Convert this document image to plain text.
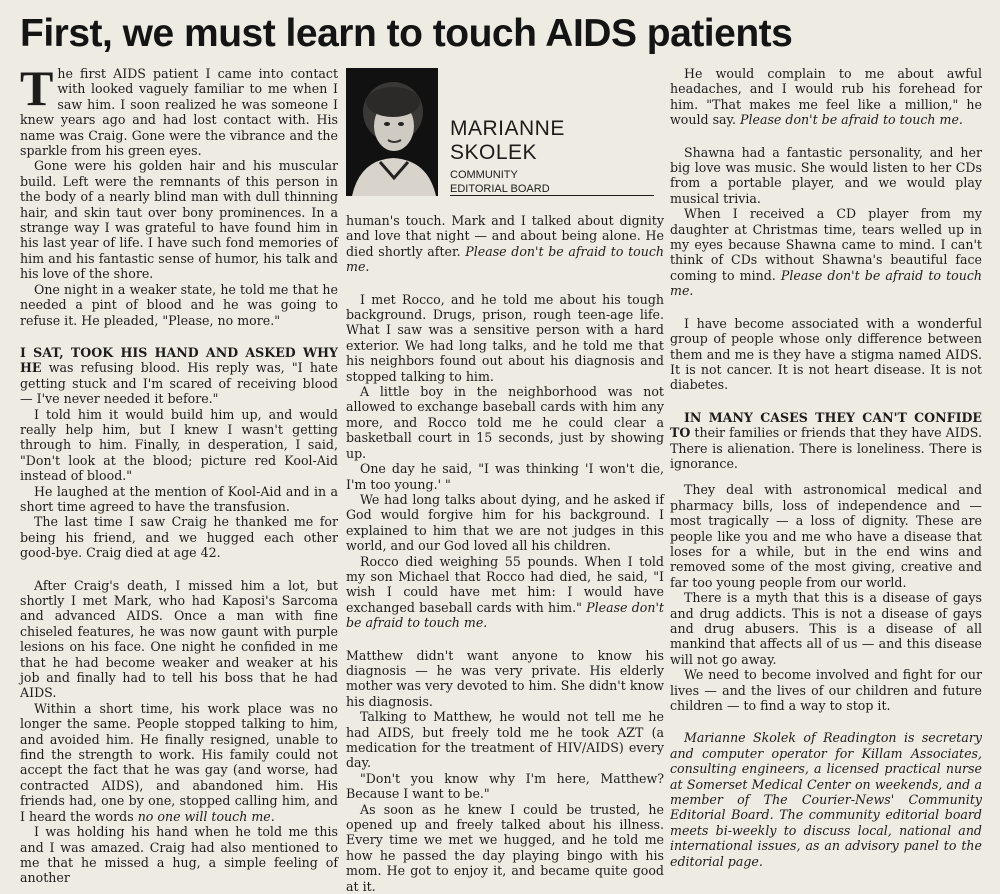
First, we must learn to touch AIDS patients
MARIANNE
SKOLEK
COMMUNITY
EDITORIAL BOARD

The first AIDS patient I came into contact with looked vaguely familiar to me when I saw him. I soon realized he was someone I knew years ago and had lost contact with. His name was Craig. Gone were the vibrance and the sparkle from his green eyes.

Gone were his golden hair and his muscular build. Left were the remnants of this person in the body of a nearly blind man with dull thinning hair, and skin taut over bony prominences. In a strange way I was grateful to have found him in his last year of life. I have such fond memories of him and his fantastic sense of humor, his talk and his love of the shore.

One night in a weaker state, he told me that he needed a pint of blood and he was going to refuse it. He pleaded, "Please, no more."

I SAT, TOOK HIS HAND AND ASKED WHY HE was refusing blood. His reply was, "I hate getting stuck and I'm scared of receiving blood — I've never needed it before."

I told him it would build him up, and would really help him, but I knew I wasn't getting through to him. Finally, in desperation, I said, "Don't look at the blood; picture red Kool-Aid instead of blood."

He laughed at the mention of Kool-Aid and in a short time agreed to have the transfusion.

The last time I saw Craig he thanked me for being his friend, and we hugged each other good-bye. Craig died at age 42.

After Craig's death, I missed him a lot, but shortly I met Mark, who had Kaposi's Sarcoma and advanced AIDS. Once a man with fine chiseled features, he was now gaunt with purple lesions on his face. One night he confided in me that he had become weaker and weaker at his job and finally had to tell his boss that he had AIDS.

Within a short time, his work place was no longer the same. People stopped talking to him, and avoided him. He finally resigned, unable to find the strength to work. His family could not accept the fact that he was gay (and worse, had contracted AIDS), and abandoned him. His friends had, one by one, stopped calling him, and I heard the words no one will touch me.

I was holding his hand when he told me this and I was amazed. Craig had also mentioned to me that he missed a hug, a simple feeling of another

human's touch. Mark and I talked about dignity and love that night — and about being alone. He died shortly after. Please don't be afraid to touch me.

I met Rocco, and he told me about his tough background. Drugs, prison, rough teen-age life. What I saw was a sensitive person with a hard exterior. We had long talks, and he told me that his neighbors found out about his diagnosis and stopped talking to him.

A little boy in the neighborhood was not allowed to exchange baseball cards with him any more, and Rocco told me he could clear a basketball court in 15 seconds, just by showing up.

One day he said, "I was thinking 'I won't die, I'm too young.' "

We had long talks about dying, and he asked if God would forgive him for his background. I explained to him that we are not judges in this world, and our God loved all his children.

Rocco died weighing 55 pounds. When I told my son Michael that Rocco had died, he said, "I wish I could have met him: I would have exchanged baseball cards with him." Please don't be afraid to touch me.

Matthew didn't want anyone to know his diagnosis — he was very private. His elderly mother was very devoted to him. She didn't know his diagnosis.

Talking to Matthew, he would not tell me he had AIDS, but freely told me he took AZT (a medication for the treatment of HIV/AIDS) every day.

"Don't you know why I'm here, Matthew? Because I want to be."

As soon as he knew I could be trusted, he opened up and freely talked about his illness. Every time we met we hugged, and he told me how he passed the day playing bingo with his mom. He got to enjoy it, and became quite good at it.

He would complain to me about awful headaches, and I would rub his forehead for him. "That makes me feel like a million," he would say. Please don't be afraid to touch me.

Shawna had a fantastic personality, and her big love was music. She would listen to her CDs from a portable player, and we would play musical trivia.

When I received a CD player from my daughter at Christmas time, tears welled up in my eyes because Shawna came to mind. I can't think of CDs without Shawna's beautiful face coming to mind. Please don't be afraid to touch me.

I have become associated with a wonderful group of people whose only difference between them and me is they have a stigma named AIDS. It is not cancer. It is not heart disease. It is not diabetes.

IN MANY CASES THEY CAN'T CONFIDE TO their families or friends that they have AIDS. There is alienation. There is loneliness. There is ignorance.

They deal with astronomical medical and pharmacy bills, loss of independence and — most tragically — a loss of dignity. These are people like you and me who have a disease that loses for a while, but in the end wins and removed some of the most giving, creative and far too young people from our world.

There is a myth that this is a disease of gays and drug addicts. This is not a disease of gays and drug abusers. This is a disease of all mankind that affects all of us — and this disease will not go away.

We need to become involved and fight for our lives — and the lives of our children and future children — to find a way to stop it.

Marianne Skolek of Readington is secretary and computer operator for Killam Associates, consulting engineers, a licensed practical nurse at Somerset Medical Center on weekends, and a member of The Courier-News' Community Editorial Board. The community editorial board meets bi-weekly to discuss local, national and international issues, as an advisory panel to the editorial page.
